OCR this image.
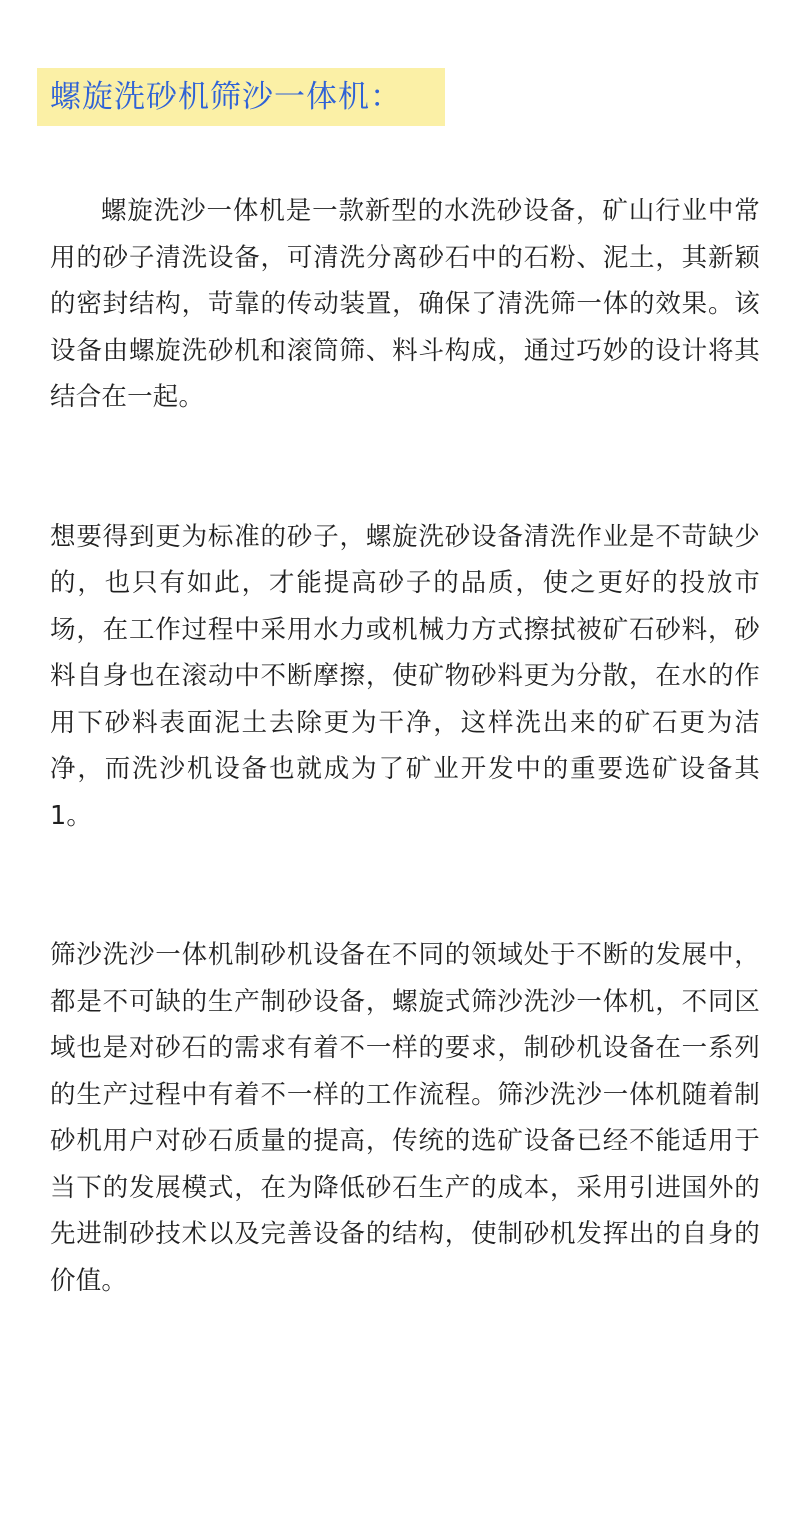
螺旋洗砂机筛沙一体机：

螺旋洗沙一体机是一款新型的水洗砂设备，矿山行业中常用的砂子清洗设备，可清洗分离砂石中的石粉、泥土，其新颖的密封结构，苛靠的传动装置，确保了清洗筛一体的效果。该设备由螺旋洗砂机和滚筒筛、料斗构成，通过巧妙的设计将其结合在一起。

想要得到更为标准的砂子，螺旋洗砂设备清洗作业是不苛缺少的，也只有如此，才能提高砂子的品质，使之更好的投放市场，在工作过程中采用水力或机械力方式擦拭被矿石砂料，砂料自身也在滚动中不断摩擦，使矿物砂料更为分散，在水的作用下砂料表面泥土去除更为干净，这样洗出来的矿石更为洁净，而洗沙机设备也就成为了矿业开发中的重要选矿设备其1。

筛沙洗沙一体机制砂机设备在不同的领域处于不断的发展中，都是不可缺的生产制砂设备，螺旋式筛沙洗沙一体机，不同区域也是对砂石的需求有着不一样的要求，制砂机设备在一系列的生产过程中有着不一样的工作流程。筛沙洗沙一体机随着制砂机用户对砂石质量的提高，传统的选矿设备已经不能适用于当下的发展模式，在为降低砂石生产的成本，采用引进国外的先进制砂技术以及完善设备的结构，使制砂机发挥出的自身的价值。
